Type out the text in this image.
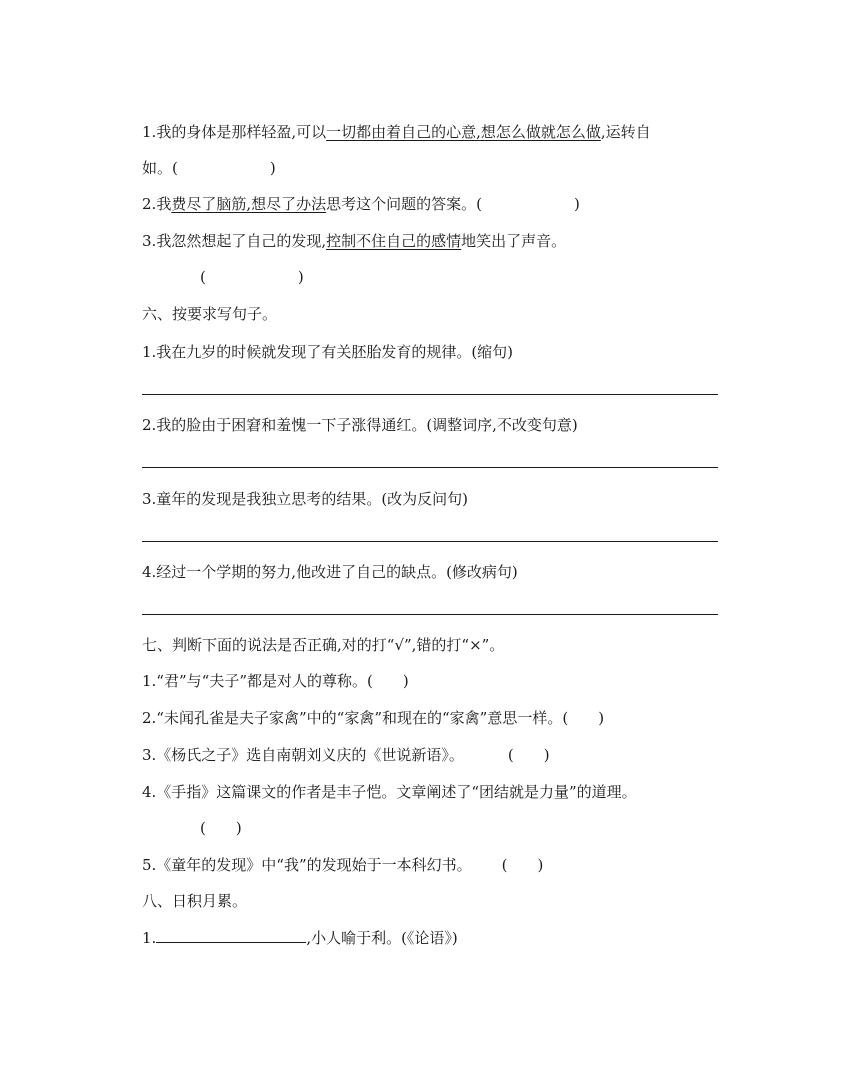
1.我的身体是那样轻盈,可以一切都由着自己的心意,想怎么做就怎么做,运转自
如。(	)
2.我费尽了脑筋,想尽了办法思考这个问题的答案。(	)
3.我忽然想起了自己的发现,控制不住自己的感情地笑出了声音。
(	)
六、按要求写句子。
1.我在九岁的时候就发现了有关胚胎发育的规律。(缩句)
2.我的脸由于困窘和羞愧一下子涨得通红。(调整词序,不改变句意)
3.童年的发现是我独立思考的结果。(改为反问句)
4.经过一个学期的努力,他改进了自己的缺点。(修改病句)
七、判断下面的说法是否正确,对的打“√”,错的打“×”。
1.“君”与“夫子”都是对人的尊称。( )
2.“未闻孔雀是夫子家禽”中的“家禽”和现在的“家禽”意思一样。( )
3.《杨氏之子》选自南朝刘义庆的《世说新语》。	( )
4.《手指》这篇课文的作者是丰子恺。文章阐述了“团结就是力量”的道理。
( )
5.《童年的发现》中“我”的发现始于一本科幻书。 ( )
八、日积月累。
1.	,小人喻于利。(《论语》)
